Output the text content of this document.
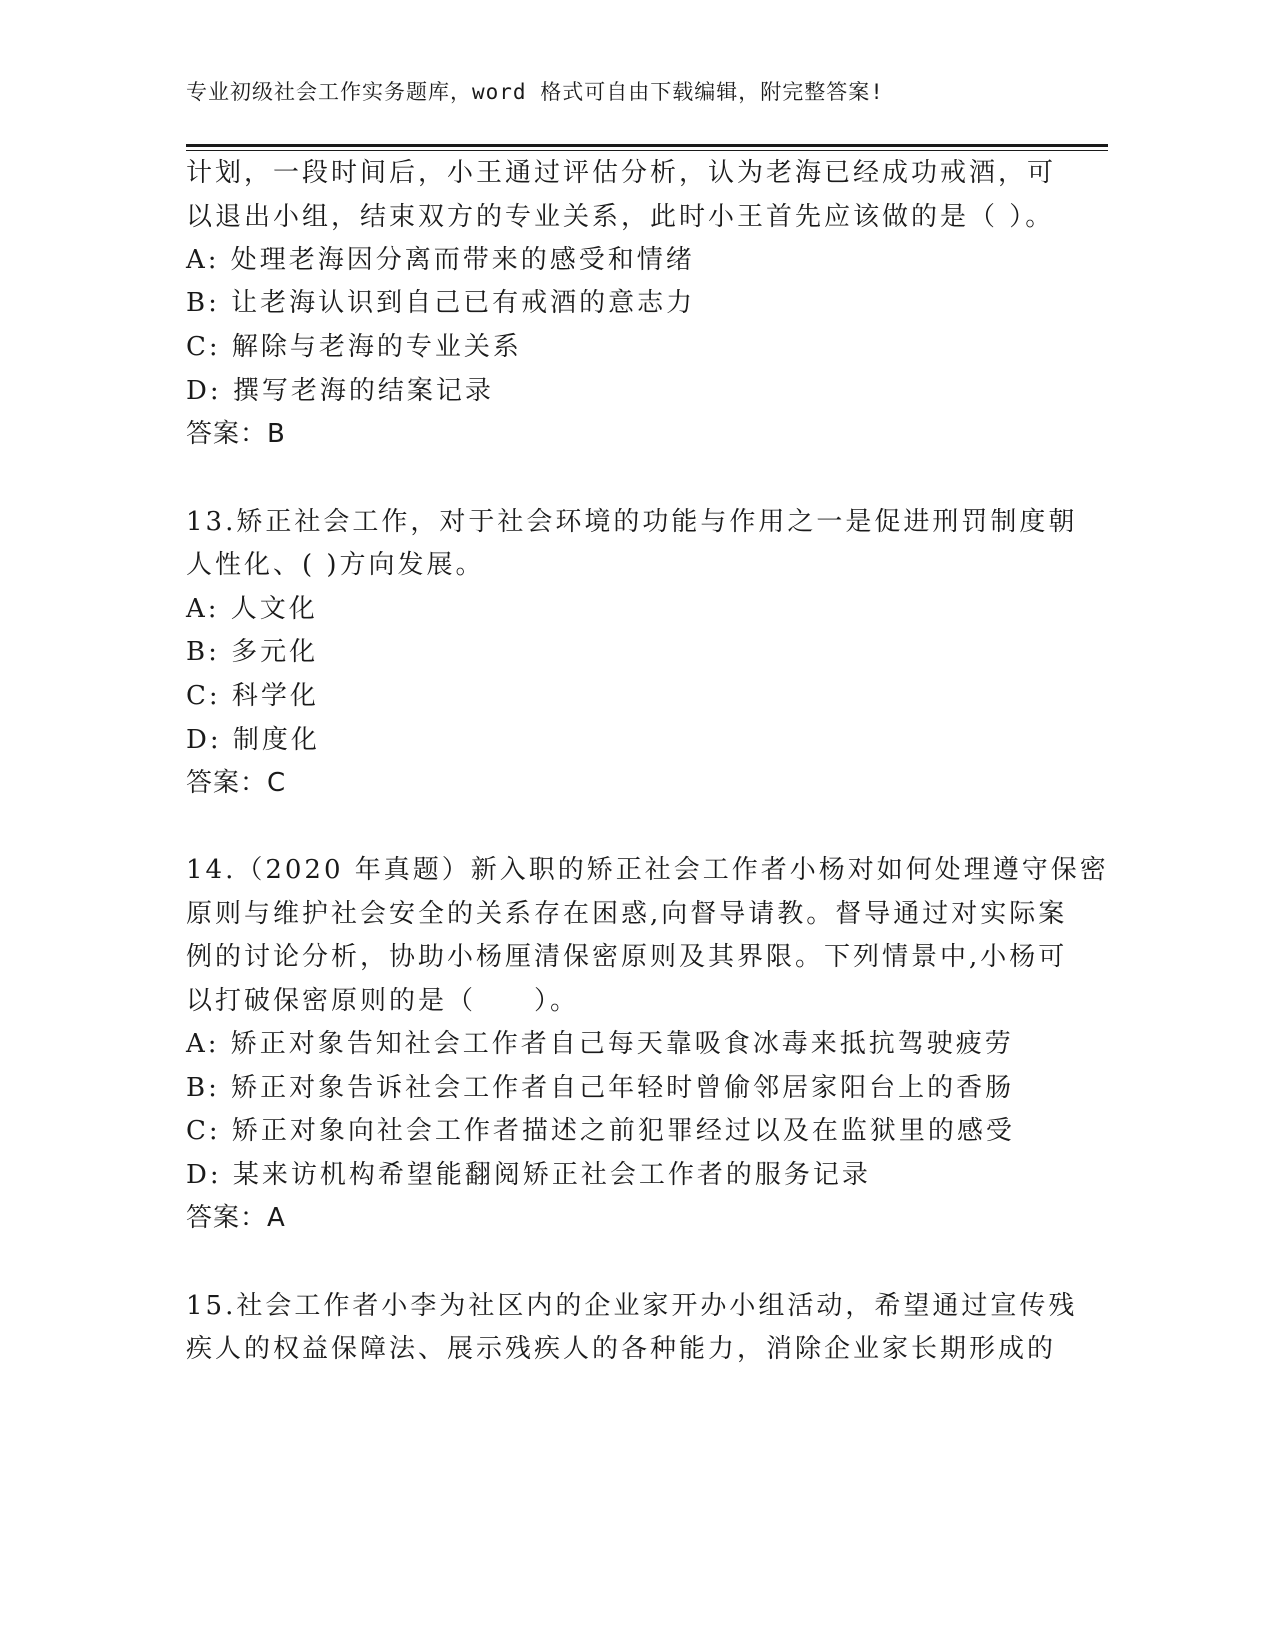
专业初级社会工作实务题库，word 格式可自由下载编辑，附完整答案!
计划，一段时间后，小王通过评估分析，认为老海已经成功戒酒，可
以退出小组，结束双方的专业关系，此时小王首先应该做的是（ ）。
A: 处理老海因分离而带来的感受和情绪
B: 让老海认识到自己已有戒酒的意志力
C: 解除与老海的专业关系
D: 撰写老海的结案记录
答案：B
13.矫正社会工作，对于社会环境的功能与作用之一是促进刑罚制度朝
人性化、( )方向发展。
A: 人文化
B: 多元化
C: 科学化
D: 制度化
答案：C
14.（2020 年真题）新入职的矫正社会工作者小杨对如何处理遵守保密
原则与维护社会安全的关系存在困惑,向督导请教。督导通过对实际案
例的讨论分析，协助小杨厘清保密原则及其界限。下列情景中,小杨可
以打破保密原则的是（　　）。
A: 矫正对象告知社会工作者自己每天靠吸食冰毒来抵抗驾驶疲劳
B: 矫正对象告诉社会工作者自己年轻时曾偷邻居家阳台上的香肠
C: 矫正对象向社会工作者描述之前犯罪经过以及在监狱里的感受
D: 某来访机构希望能翻阅矫正社会工作者的服务记录
答案：A
15.社会工作者小李为社区内的企业家开办小组活动，希望通过宣传残
疾人的权益保障法、展示残疾人的各种能力，消除企业家长期形成的
